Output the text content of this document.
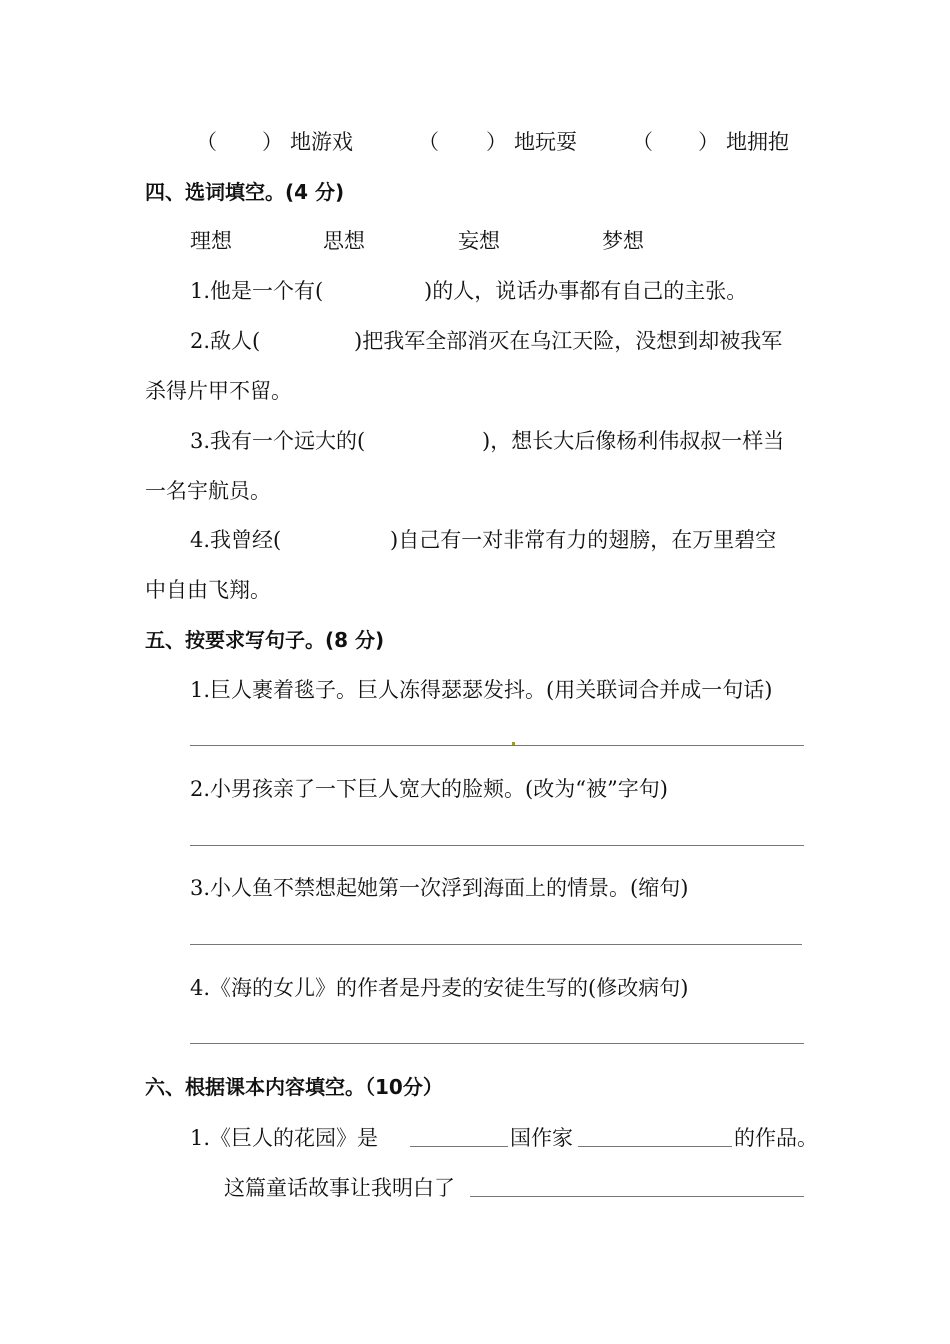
（ ） 地游戏	（ ） 地玩耍	（ ） 地拥抱
四、选词填空。(4 分)
理想	思想	妄想	梦想
1.他是一个有(	)的人，说话办事都有自己的主张。
2.敌人(	)把我军全部消灭在乌江天险，没想到却被我军
杀得片甲不留。
3.我有一个远大的(	)，想长大后像杨利伟叔叔一样当
一名宇航员。
4.我曾经(	)自己有一对非常有力的翅膀，在万里碧空
中自由飞翔。
五、按要求写句子。(8 分)
1.巨人裹着毯子。巨人冻得瑟瑟发抖。(用关联词合并成一句话)
2.小男孩亲了一下巨人宽大的脸颊。(改为“被”字句)
3.小人鱼不禁想起她第一次浮到海面上的情景。(缩句)
4.《海的女儿》的作者是丹麦的安徒生写的(修改病句)
六、根据课本内容填空。（10分）
1.《巨人的花园》是	国作家	的作品。
这篇童话故事让我明白了
